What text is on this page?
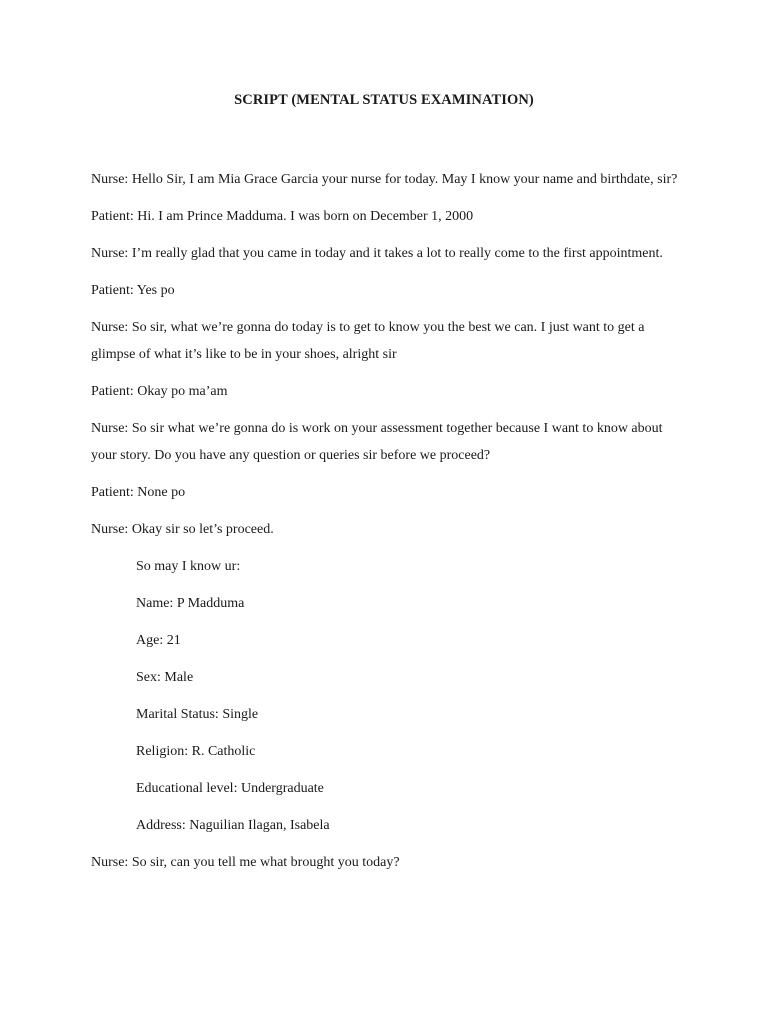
SCRIPT (MENTAL STATUS EXAMINATION)
Nurse: Hello Sir, I am Mia Grace Garcia your nurse for today. May I know your name and birthdate, sir?
Patient: Hi. I am Prince Madduma. I was born on December 1, 2000
Nurse: I’m really glad that you came in today and it takes a lot to really come to the first appointment.
Patient: Yes po
Nurse: So sir, what we’re gonna do today is to get to know you the best we can. I just want to get a glimpse of what it’s like to be in your shoes, alright sir
Patient: Okay po ma’am
Nurse: So sir what we’re gonna do is work on your assessment together because I want to know about your story. Do you have any question or queries sir before we proceed?
Patient: None po
Nurse: Okay sir so let’s proceed.
So may I know ur:
Name: P Madduma
Age: 21
Sex: Male
Marital Status: Single
Religion: R. Catholic
Educational level: Undergraduate
Address: Naguilian Ilagan, Isabela
Nurse: So sir, can you tell me what brought you today?
